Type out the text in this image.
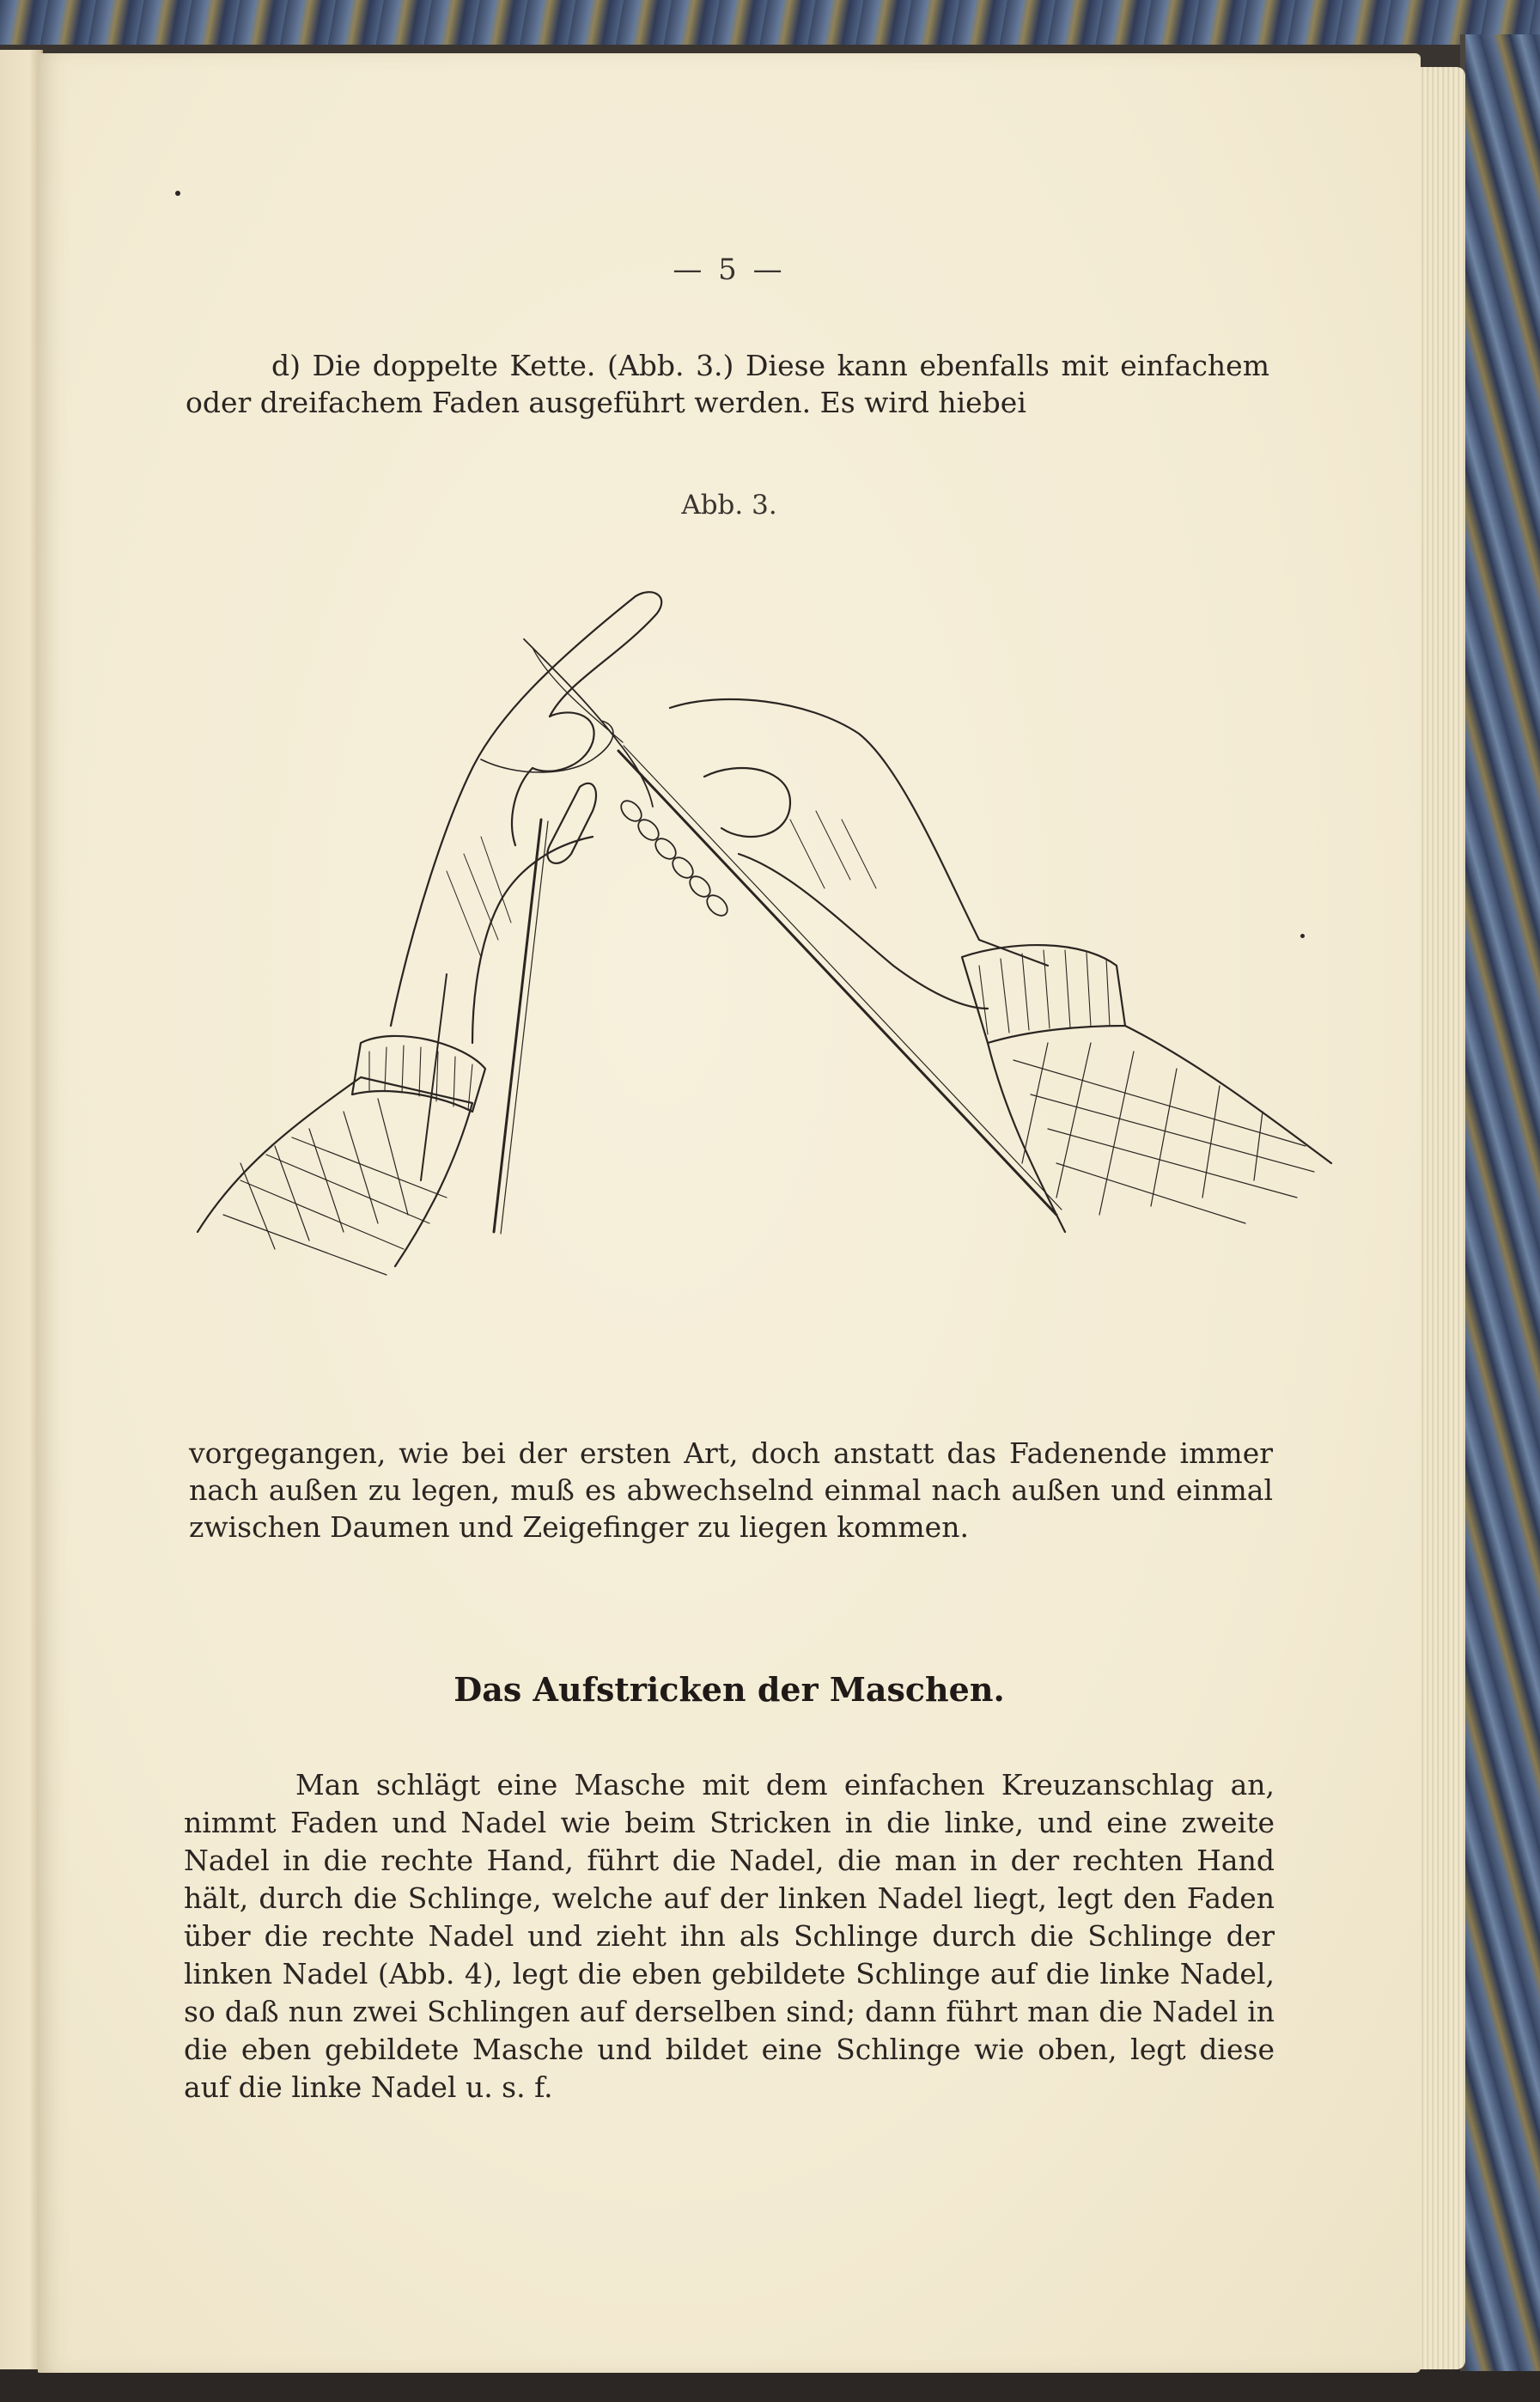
— 5 —
d) Die doppelte Kette. (Abb. 3.) Diese kann ebenfalls mit einfachem oder dreifachem Faden ausgeführt werden. Es wird hiebei
Abb. 3.
vorgegangen, wie bei der ersten Art, doch anstatt das Fadenende immer nach außen zu legen, muß es abwechselnd einmal nach außen und einmal zwischen Daumen und Zeigefinger zu liegen kommen.
Das Aufstricken der Maschen.
Man schlägt eine Masche mit dem einfachen Kreuzanschlag an, nimmt Faden und Nadel wie beim Stricken in die linke, und eine zweite Nadel in die rechte Hand, führt die Nadel, die man in der rechten Hand hält, durch die Schlinge, welche auf der linken Nadel liegt, legt den Faden über die rechte Nadel und zieht ihn als Schlinge durch die Schlinge der linken Nadel (Abb. 4), legt die eben gebildete Schlinge auf die linke Nadel, so daß nun zwei Schlingen auf derselben sind; dann führt man die Nadel in die eben gebildete Masche und bildet eine Schlinge wie oben, legt diese auf die linke Nadel u. s. f.
